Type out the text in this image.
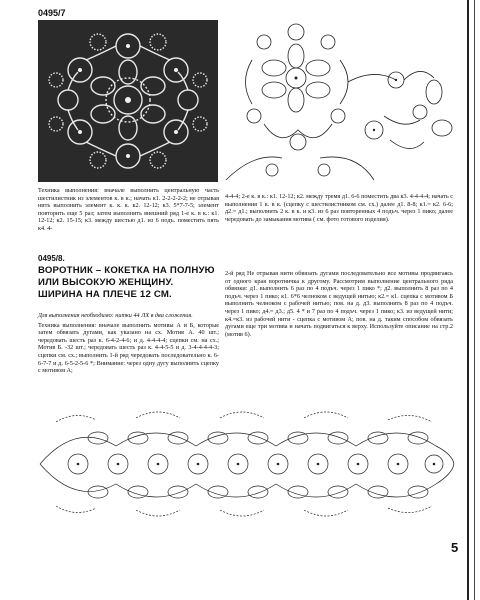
0495/7

Техника выполнения: вначале выполнить центральную часть шестилистник из элементов к. в к.; начать к1. 2-2-2-2-2; не отрывая нить выполнить элемент к. к. к. к2. 12-12; к3. 5*7-7-5; элемент повторить еще 5 раз; затем выполнить внешний ряд 1-е к. в к.: к1. 12-12; к2. 15-15; к3. между шестью д1. из 6 подъ. поместить пять к4. 4-

4-4-4; 2-е к. в к.: к1. 12-12; к2. между тремя д1. 6-6 поместить два к3. 4-4-4-4; начать с выполнения 1 к. в к. (сцепку с шестилистником см. сх.) далее д1. 8-8; к1.= к2. 6-6; д2.= д1.; выполнить 2 к. в к. и к3. из 6 раз повторенных 4 подъч. через 1 пико; далее чередовать до замыкания мотива ( см. фото готового изделия).

0495/8.
ВОРОТНИК – КОКЕТКА НА ПОЛНУЮ ИЛИ ВЫСОКУЮ ЖЕНЩИНУ. ШИРИНА НА ПЛЕЧЕ 12 СМ.

Для выполнения необходимо: нитки 44 ЛХ в два сложения.

Техника выполнения: вначале выполнить мотивы А и Б, которые затем обвязать дугами, как указано на сх. Мотив А. 40 шт.; чередовать шесть раз к. 6-4-2-4-6; и д. 4-4-4-4; сцепки см. на сх.; Мотив Б. -32 шт.; чередовать шесть раз к. 4-4-5-5 и д. 3-4-4-4-4-3; сцепки см. сх.; выполнить 1-й ряд чередовать последовательно к. 6-6-7-7 и д. 6-5-2-5-6 *; Внимание: через одну дугу выполнить сцепку с мотивом А;

2-й ряд Не отрывая нити обвязать дугами последовательно все мотивы продвигаясь от одного края воротничка к другому. Рассмотрим выполнение центрального ряда обвязки: д1. выполнить 6 раз по 4 подъч. через 1 пико *; д2. выполнить 8 раз по 4 подъч. через 1 пико; к1. 6*6 челноком с ведущей нитью; к2.= к1. сцепка с мотивом Б выполнить челноком с рабочей нитью; пов. на д. д3. выполнить 8 раз по 4 подъч. через 1 пико; д4.= д3.; д5. 4 * и 7 раз по 4 подъч. через 1 пико; к3. из ведущей нити; к4.=к3. из рабочей нити - сцепка с мотивом А; пов. на д. таким способом обвязать дугами еще три мотива и начать подвигаться к верху. Используйте описание на стр.2 (мотив 6).

5
